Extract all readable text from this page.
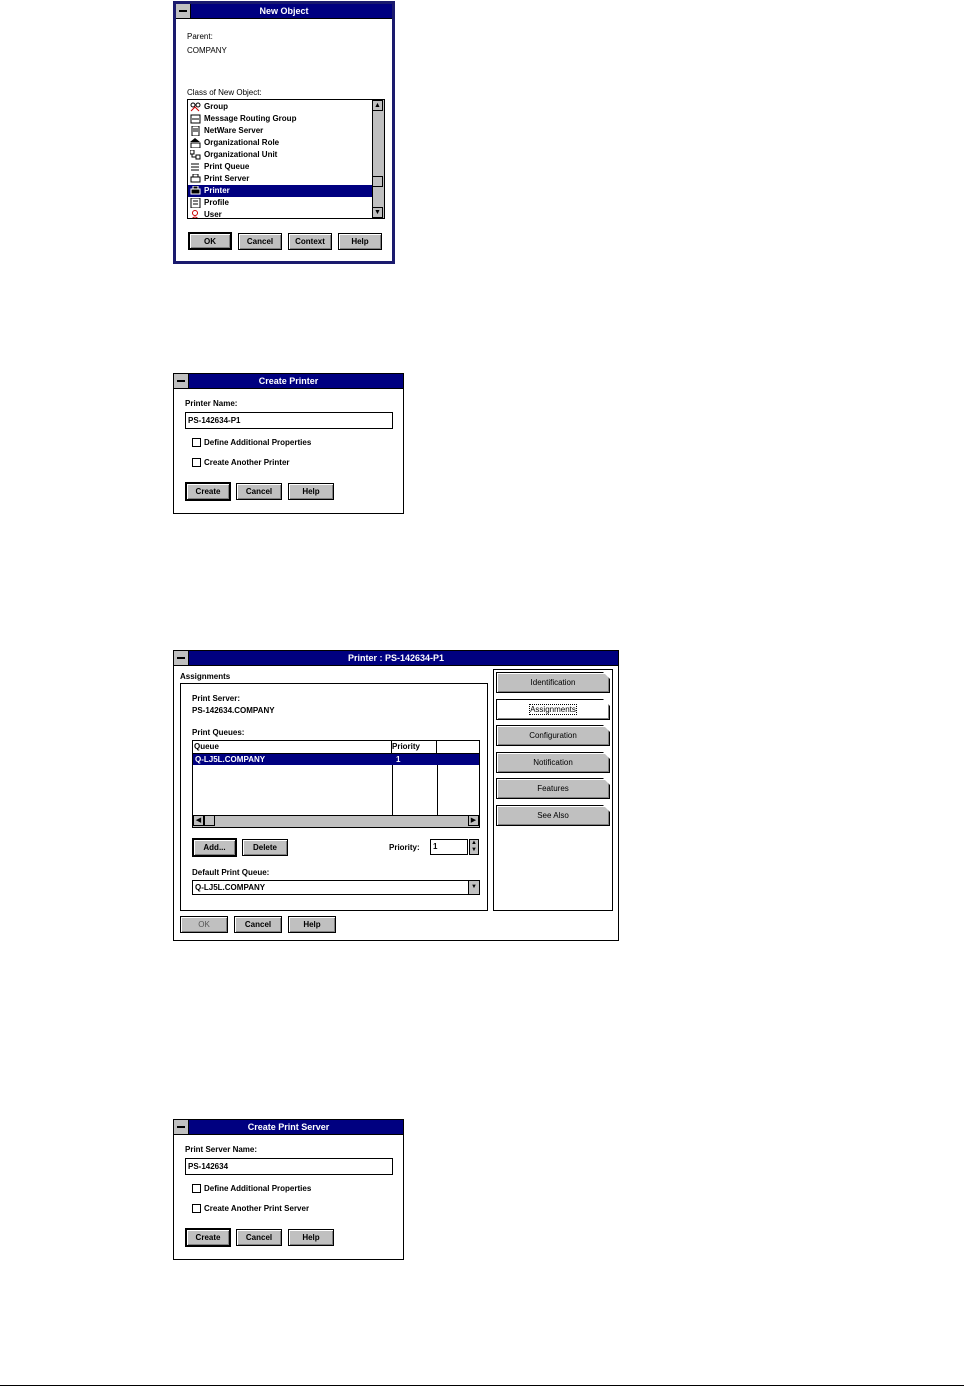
New Object
Parent:
COMPANY
Class of New Object:
Group
Message Routing Group
NetWare Server
Organizational Role
Organizational Unit
Print Queue
Print Server
Printer
Profile
User
▲
▼
OK	Cancel	Context	Help
Create Printer
Printer Name:
PS-142634-P1
Define Additional Properties
Create Another Printer
Create	Cancel	Help
Printer : PS-142634-P1
Assignments
Print Server:
PS-142634.COMPANY
Print Queues:
Queue	Priority
Q-LJ5L.COMPANY	1
◀	▶
Add...	Delete	Priority:	1	▲
▼
Default Print Queue:
Q-LJ5L.COMPANY	▼
Identification
Assignments
Configuration
Notification
Features
See Also
OK	Cancel	Help
Create Print Server
Print Server Name:
PS-142634
Define Additional Properties
Create Another Print Server
Create	Cancel	Help
